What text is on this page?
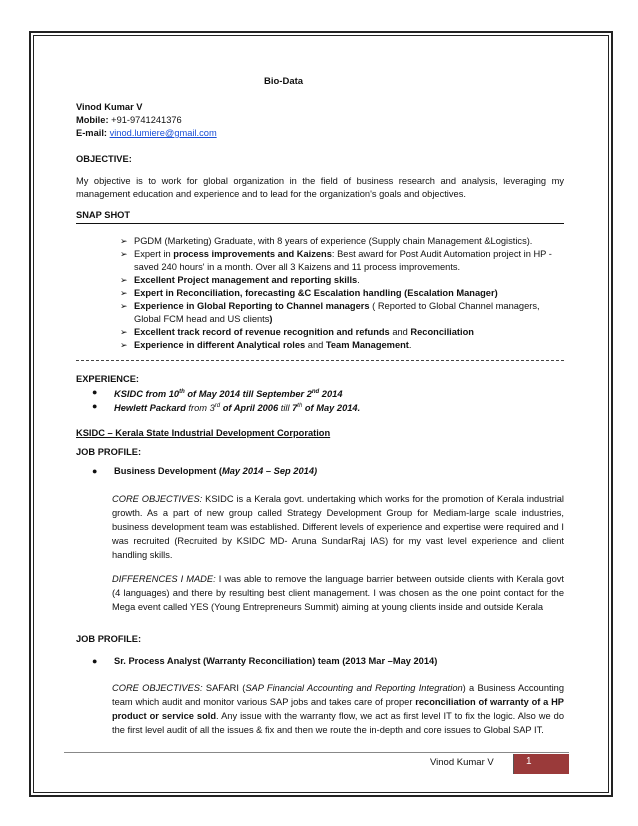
Bio-Data
Vinod Kumar V
Mobile: +91-9741241376
E-mail: vinod.lumiere@gmail.com
OBJECTIVE:
My objective is to work for global organization in the field of business research and analysis, leveraging my management education and experience and to lead for the organization's goals and objectives.
SNAP SHOT
➢ PGDM (Marketing) Graduate, with 8 years of experience (Supply chain Management &Logistics).
➢ Expert in process improvements and Kaizens: Best award for Post Audit Automation project in HP - saved 240 hours' in a month. Over all 3 Kaizens and 11 process improvements.
➢ Excellent Project management and reporting skills.
➢ Expert in Reconciliation, forecasting &C Escalation handling (Escalation Manager)
➢ Experience in Global Reporting to Channel managers ( Reported to Global Channel managers, Global FCM head and US clients)
➢ Excellent track record of revenue recognition and refunds and Reconciliation
➢ Experience in different Analytical roles and Team Management.
EXPERIENCE:
● KSIDC from 10th of May 2014 till September 2nd 2014
● Hewlett Packard from 3rd of April 2006 till 7th of May 2014.
KSIDC – Kerala State Industrial Development Corporation
JOB PROFILE:
● Business Development (May 2014 – Sep 2014)
CORE OBJECTIVES: KSIDC is a Kerala govt. undertaking which works for the promotion of Kerala industrial growth. As a part of new group called Strategy Development Group for Mediam-large scale industries, business development team was established. Different levels of experience and expertise were required and I was recruited (Recruited by KSIDC MD- Aruna SundarRaj IAS) for my vast level experience and client handling skills.
DIFFERENCES I MADE: I was able to remove the language barrier between outside clients with Kerala govt (4 languages) and there by resulting best client management. I was chosen as the one point contact for the Mega event called YES (Young Entrepreneurs Summit) aiming at young clients inside and outside Kerala
JOB PROFILE:
● Sr. Process Analyst (Warranty Reconciliation) team (2013 Mar –May 2014)
CORE OBJECTIVES: SAFARI (SAP Financial Accounting and Reporting Integration) a Business Accounting team which audit and monitor various SAP jobs and takes care of proper reconciliation of warranty of a HP product or service sold. Any issue with the warranty flow, we act as first level IT to fix the logic. Also we do the first level audit of all the issues & fix and then we route the in-depth and core issues to Global SAP IT.
Vinod Kumar V	1
